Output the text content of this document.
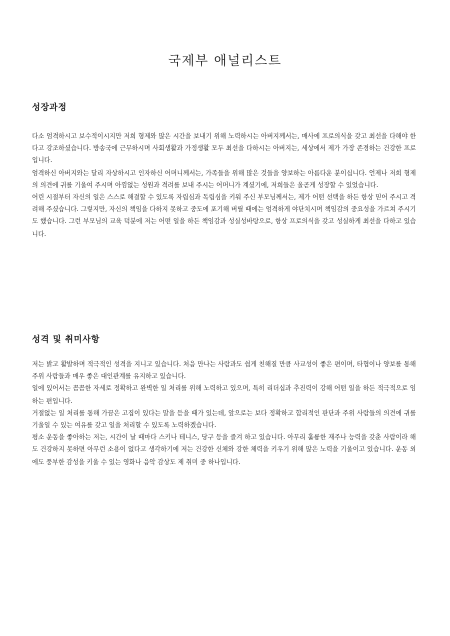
국제부 애널리스트
성장과정

다소 엄격하시고 보수적이시지만 저희 형제와 많은 시간을 보내기 위해 노력하시는 아버지께서는, 매사에 프로의식을 갖고 최선을 다해야 한다고 강조하셨습니다. 방송국에 근무하시며 사회생활과 가정생활 모두 최선을 다하시는 아버지는, 세상에서 제가 가장 존경하는 건강한 프로입니다.

엄격하신 아버지와는 달리 자상하시고 인자하신 어머니께서는, 가족들을 위해 많은 것들을 양보하는 아름다운 분이십니다. 언제나 저희 형제의 의견에 귀를 기울여 주시며 아낌없는 성원과 격려를 보내 주시는 어머니가 계셨기에, 저희들은 올곧게 성장할 수 있었습니다.

어린 시절부터 자신의 일은 스스로 해결할 수 있도록 자립심과 독립심을 키워 주신 부모님께서는, 제가 어떤 선택을 하든 항상 믿어 주시고 격려해 주셨습니다. 그렇지만, 자신의 책임을 다하지 못하고 중도에 포기해 버릴 때에는 엄격하게 야단치시며 책임감의 중요성을 가르쳐 주시기도 했습니다. 그런 부모님의 교육 덕분에 저는 어떤 일을 하든 책임감과 성실성바탕으로, 항상 프로의식을 갖고 성실하게 최선을 다하고 있습니다.

성격 및 취미사항

저는 밝고 활발하며 적극적인 성격을 지니고 있습니다. 처음 만나는 사람과도 쉽게 친해질 만큼 사교성이 좋은 편이며, 타협이나 양보를 통해 주위 사람들과 매우 좋은 대인관계를 유지하고 있습니다.

일에 있어서는 꼼꼼한 자세로 정확하고 완벽한 일 처리를 위해 노력하고 있으며, 특히 리더십과 추진력이 강해 어떤 일을 하든 적극적으로 임하는 편입니다.

거절없는 일 처리를 통해 가끔은 고집이 있다는 말을 듣을 때가 있는데, 앞으로는 보다 정확하고 합리적인 판단과 주위 사람들의 의견에 귀를 기울일 수 있는 여유를 갖고 일을 처리할 수 있도록 노력하겠습니다.

평소 운동을 좋아하는 저는, 시간이 날 때마다 스키나 테니스, 당구 등을 즐겨 하고 있습니다. 아무리 훌륭한 재주나 능력을 갖춘 사람이라 해도 건강하지 못하면 아무런 소용이 없다고 생각하기에 저는 건강한 신체와 강한 체력을 키우기 위해 많은 노력을 기울이고 있습니다. 운동 외에도 풍부한 감성을 키울 수 있는 영화나 음악 감상도 제 취미 중 하나입니다.
